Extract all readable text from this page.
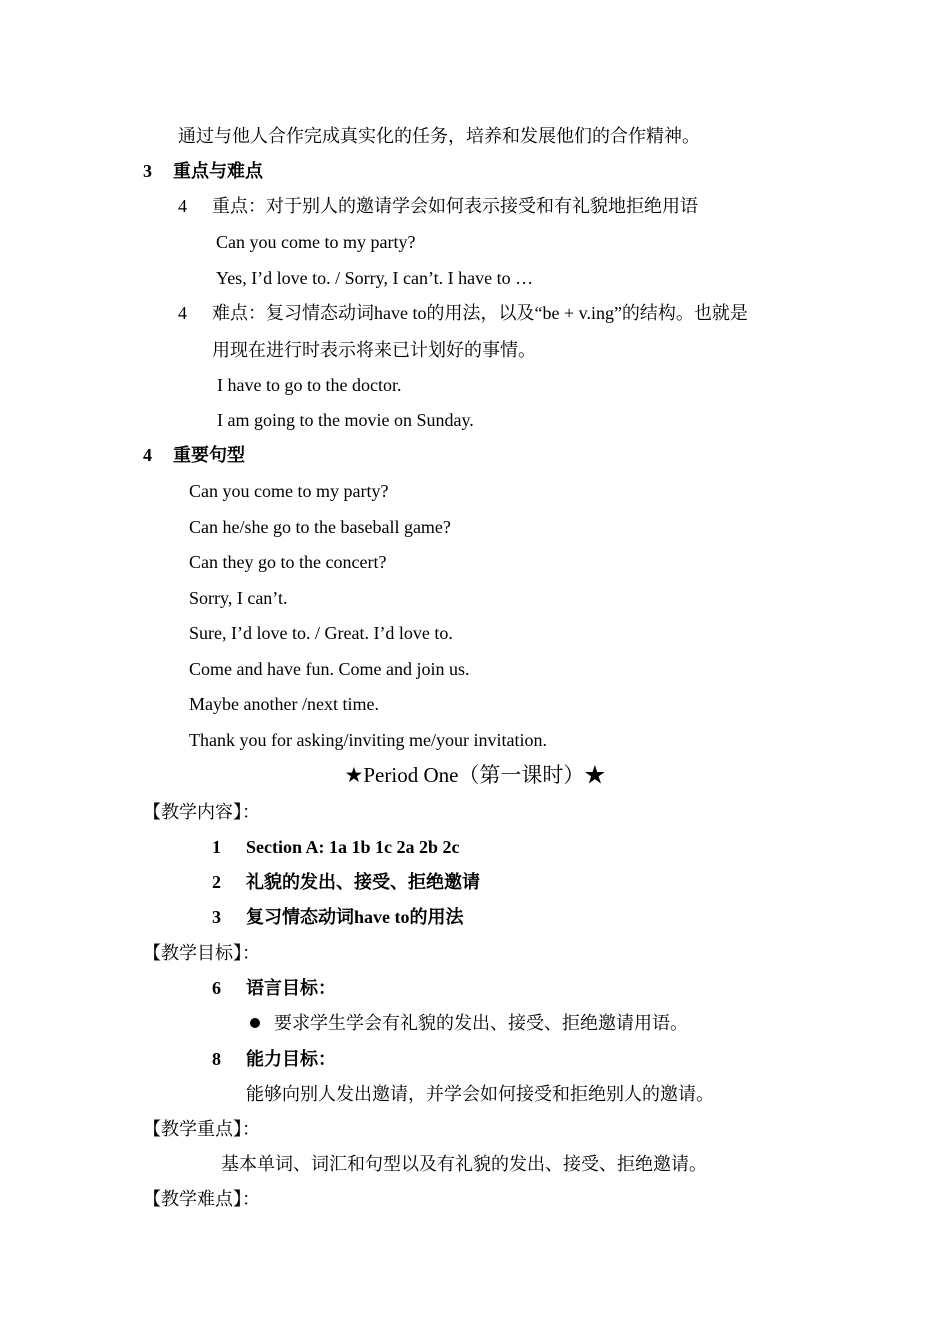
通过与他人合作完成真实化的任务，培养和发展他们的合作精神。
3 重点与难点
4 重点：对于别人的邀请学会如何表示接受和有礼貌地拒绝用语
Can you come to my party?
Yes, I’d love to. / Sorry, I can’t. I have to …
4 难点：复习情态动词have to的用法，以及“be + v.ing”的结构。也就是
用现在进行时表示将来已计划好的事情。
I have to go to the doctor.
I am going to the movie on Sunday.
4 重要句型
Can you come to my party?
Can he/she go to the baseball game?
Can they go to the concert?
Sorry, I can’t.
Sure, I’d love to. / Great. I’d love to.
Come and have fun. Come and join us.
Maybe another /next time.
Thank you for asking/inviting me/your invitation.
★Period One（第一课时）★
【教学内容】：
1 Section A: 1a 1b 1c 2a 2b 2c
2 礼貌的发出、接受、拒绝邀请
3 复习情态动词have to的用法
【教学目标】：
6 语言目标：
要求学生学会有礼貌的发出、接受、拒绝邀请用语。
8 能力目标：
能够向别人发出邀请，并学会如何接受和拒绝别人的邀请。
【教学重点】：
基本单词、词汇和句型以及有礼貌的发出、接受、拒绝邀请。
【教学难点】：
